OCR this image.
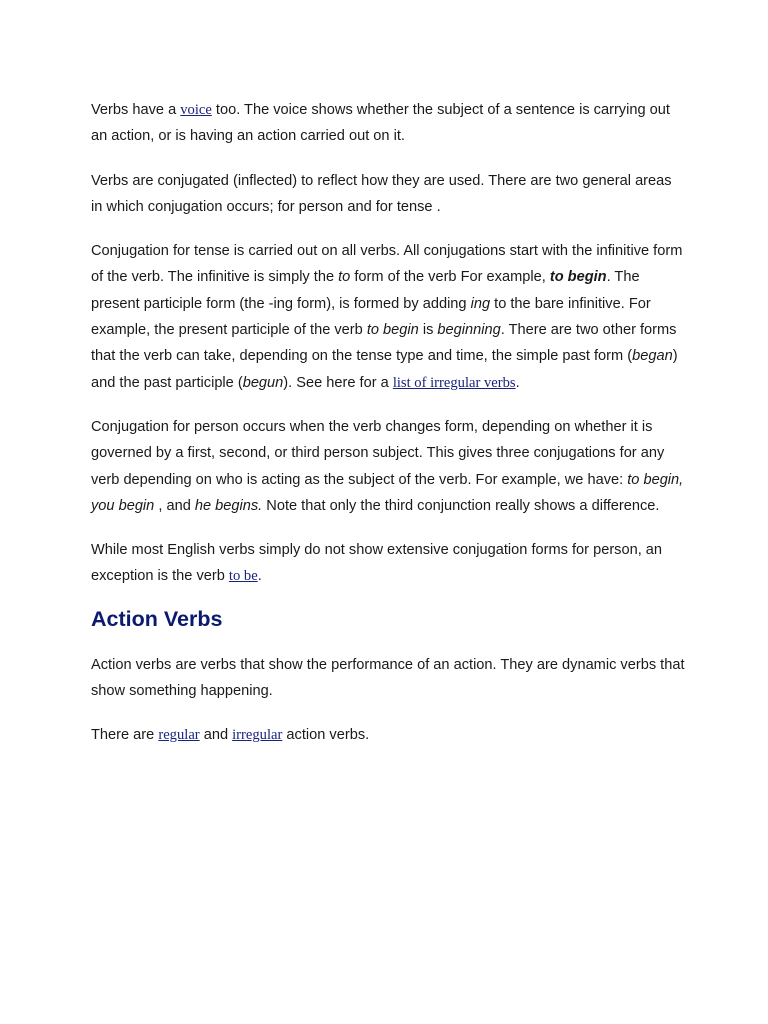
Verbs have a voice too. The voice shows whether the subject of a sentence is carrying out an action, or is having an action carried out on it.

Verbs are conjugated (inflected) to reflect how they are used. There are two general areas in which conjugation occurs; for person and for tense .

Conjugation for tense is carried out on all verbs. All conjugations start with the infinitive form of the verb. The infinitive is simply the to form of the verb For example, to begin. The present participle form (the -ing form), is formed by adding ing to the bare infinitive. For example, the present participle of the verb to begin is beginning. There are two other forms that the verb can take, depending on the tense type and time, the simple past form (began) and the past participle (begun). See here for a list of irregular verbs.

Conjugation for person occurs when the verb changes form, depending on whether it is governed by a first, second, or third person subject. This gives three conjugations for any verb depending on who is acting as the subject of the verb. For example, we have: to begin, you begin , and he begins. Note that only the third conjunction really shows a difference.

While most English verbs simply do not show extensive conjugation forms for person, an exception is the verb to be.

Action Verbs

Action verbs are verbs that show the performance of an action. They are dynamic verbs that show something happening.

There are regular and irregular action verbs.
